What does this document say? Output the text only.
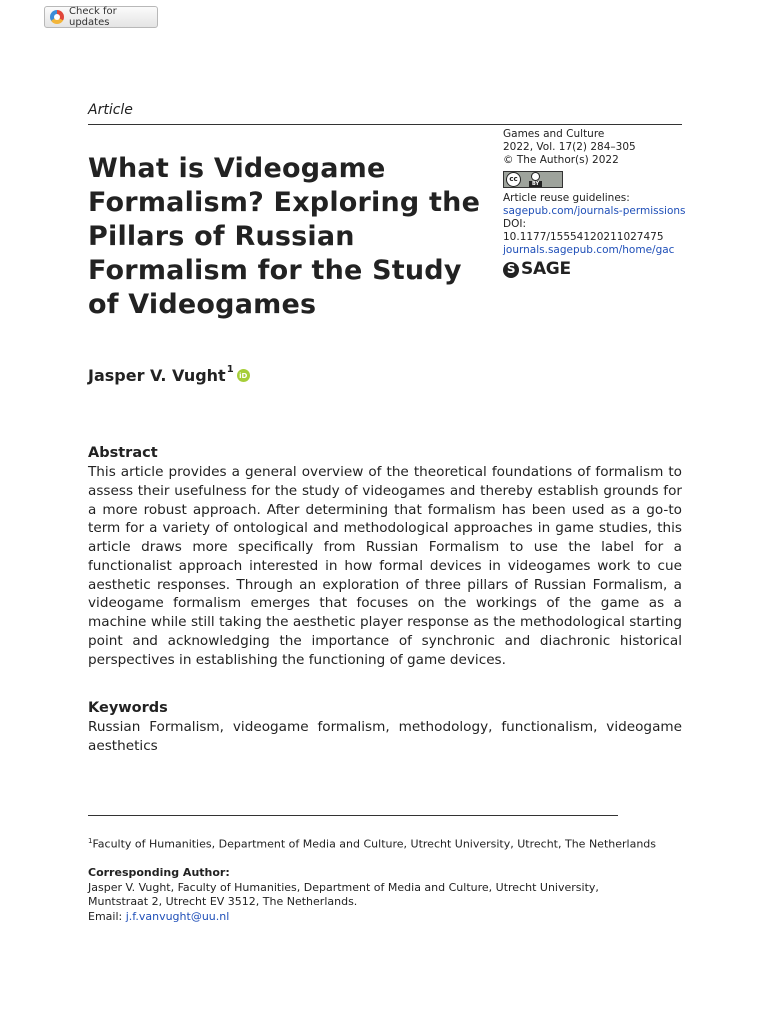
Check for updates
Article
What is Videogame Formalism? Exploring the Pillars of Russian Formalism for the Study of Videogames
Games and Culture
2022, Vol. 17(2) 284–305
© The Author(s) 2022
cc
BY
Article reuse guidelines:
sagepub.com/journals-permissions
DOI: 10.1177/15554120211027475
journals.sagepub.com/home/gac
S SAGE
Jasper V. Vught$^1$
iD
Abstract

This article provides a general overview of the theoretical foundations of formalism to assess their usefulness for the study of videogames and thereby establish grounds for a more robust approach. After determining that formalism has been used as a go-to term for a variety of ontological and methodological approaches in game studies, this article draws more specifically from Russian Formalism to use the label for a functionalist approach interested in how formal devices in videogames work to cue aesthetic responses. Through an exploration of three pillars of Russian Formalism, a videogame formalism emerges that focuses on the workings of the game as a machine while still taking the aesthetic player response as the methodological starting point and acknowledging the importance of synchronic and diachronic historical perspectives in establishing the functioning of game devices.

Keywords

Russian Formalism, videogame formalism, methodology, functionalism, videogame aesthetics

$^1$Faculty of Humanities, Department of Media and Culture, Utrecht University, Utrecht, The Netherlands
Corresponding Author:
Jasper V. Vught, Faculty of Humanities, Department of Media and Culture, Utrecht University,
Muntstraat 2, Utrecht EV 3512, The Netherlands.
Email: j.f.vanvught@uu.nl
